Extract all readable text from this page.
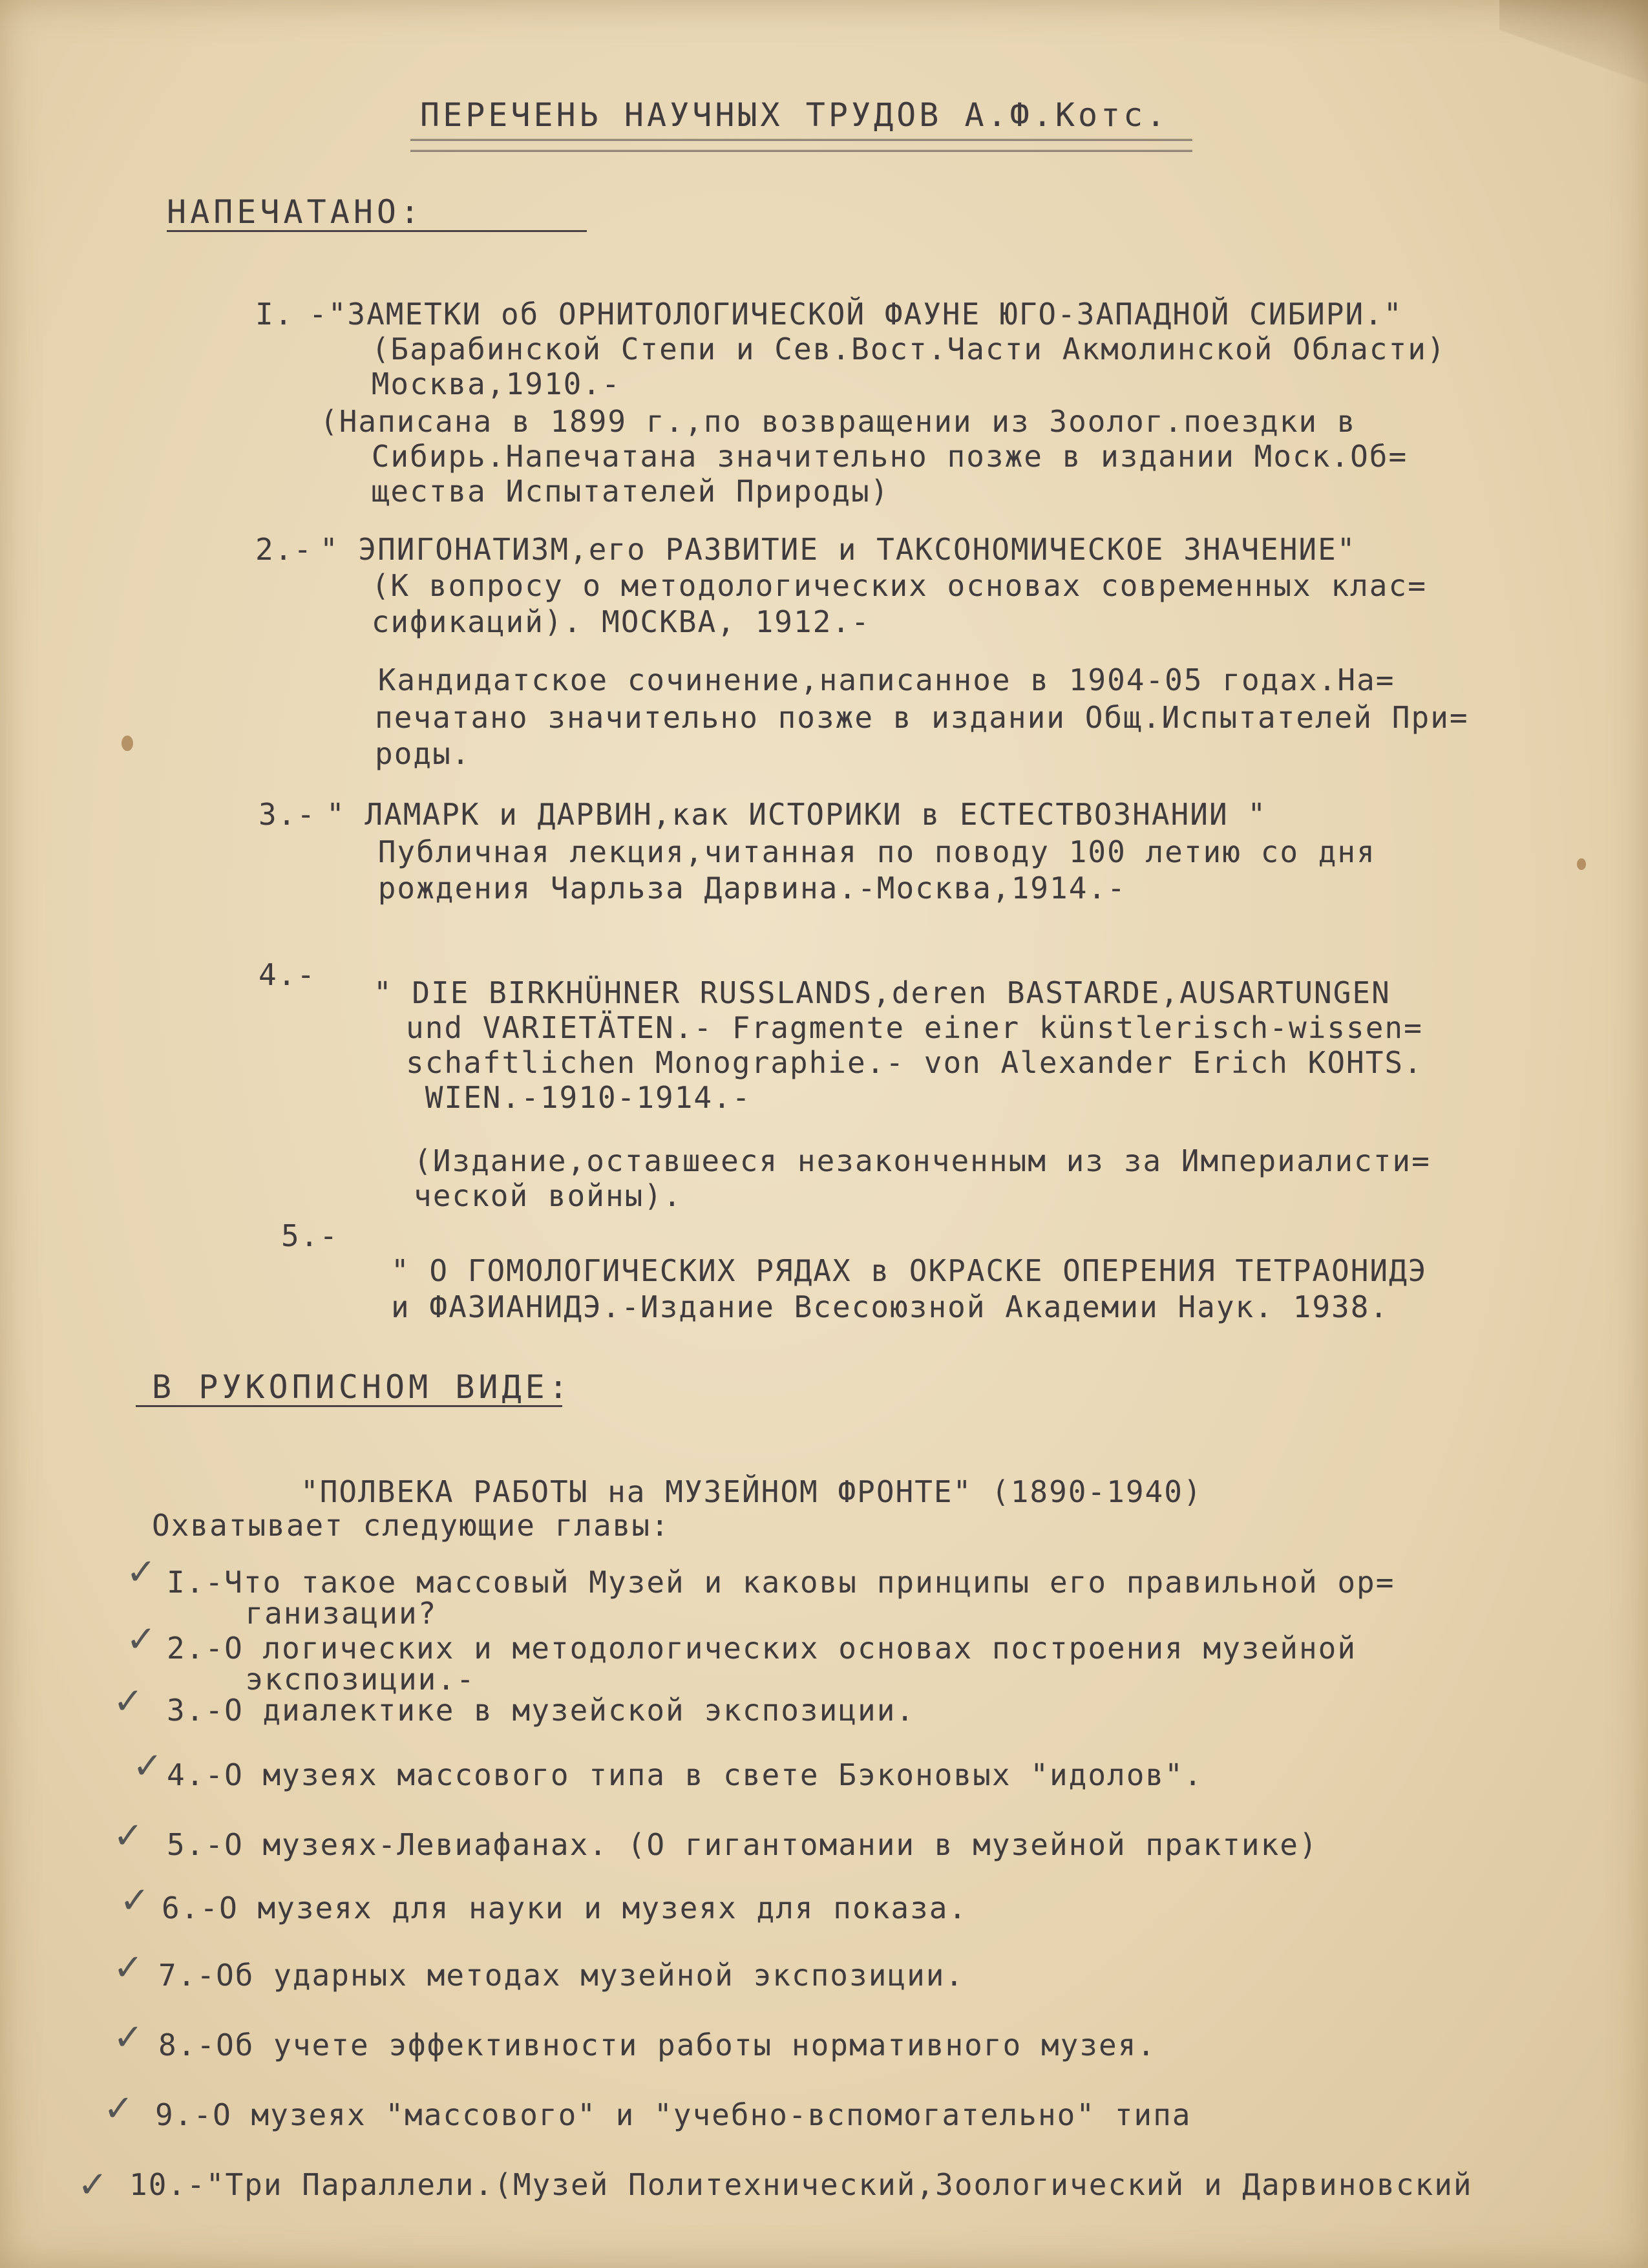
ПЕРЕЧЕНЬ НАУЧНЫХ ТРУДОВ А.Ф.Котс.
НАПЕЧАТАНО:
I. -"ЗАМЕТКИ об ОРНИТОЛОГИЧЕСКОЙ ФАУНЕ ЮГО-ЗАПАДНОЙ СИБИРИ."
(Барабинской Степи и Сев.Вост.Части Акмолинской Области)
Москва,1910.-
(Написана в 1899 г.,по возвращении из Зоолог.поездки в
Сибирь.Напечатана значительно позже в издании Моск.Об=
щества Испытателей Природы)
2.- " ЭПИГОНАТИЗМ,его РАЗВИТИЕ и ТАКСОНОМИЧЕСКОЕ ЗНАЧЕНИЕ"
(К вопросу о методологических основах современных клас=
сификаций). МОСКВА, 1912.-
Кандидатское сочинение,написанное в 1904-05 годах.На=
печатано значительно позже в издании Общ.Испытателей При=
роды.
3.- " ЛАМАРК и ДАРВИН,как ИСТОРИКИ в ЕСТЕСТВОЗНАНИИ "
Публичная лекция,читанная по поводу 100 летию со дня
рождения Чарльза Дарвина.-Москва,1914.-
4.-
" DIE BIRKHÜHNER RUSSLANDS,deren BASTARDE,AUSARTUNGEN
und VARIETÄTEN.- Fragmente einer künstlerisch-wissen=
schaftlichen Monographie.- von Alexander Erich KOHTS.
WIEN.-1910-1914.-
(Издание,оставшееся незаконченным из за Империалисти=
ческой войны).
5.-
" О ГОМОЛОГИЧЕСКИХ РЯДАХ в ОКРАСКЕ ОПЕРЕНИЯ ТЕТРАОНИДЭ
и ФАЗИАНИДЭ.-Издание Всесоюзной Академии Наук. 1938.
В РУКОПИСНОМ ВИДЕ:
"ПОЛВЕКА РАБОТЫ на МУЗЕЙНОМ ФРОНТЕ" (1890-1940)
Охватывает следующие главы:
✓ I.-Что такое массовый Музей и каковы принципы его правильной ор=
ганизации?
✓ 2.-О логических и методологических основах построения музейной
экспозиции.-
✓ 3.-О диалектике в музейской экспозиции.
✓ 4.-О музеях массового типа в свете Бэконовых "идолов".
✓ 5.-О музеях-Левиафанах. (О гигантомании в музейной практике)
✓ 6.-О музеях для науки и музеях для показа.
✓ 7.-Об ударных методах музейной экспозиции.
✓ 8.-Об учете эффективности работы нормативного музея.
✓ 9.-О музеях "массового" и "учебно-вспомогательно" типа
✓ 10.-"Три Параллели.(Музей Политехнический,Зоологический и Дарвиновский
